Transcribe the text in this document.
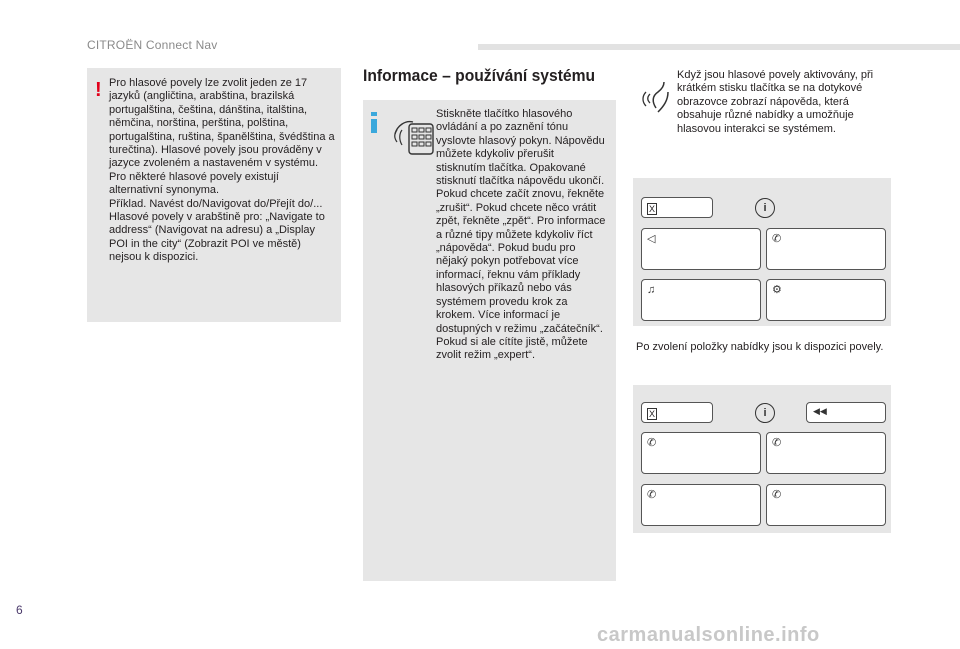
CITROËN Connect Nav
! Pro hlasové povely lze zvolit jeden ze 17 jazyků (angličtina, arabština, brazilská portugalština, čeština, dánština, italština, němčina, norština, perština, polština, portugalština, ruština, španělština, švédština a turečtina). Hlasové povely jsou prováděny v jazyce zvoleném a nastaveném v systému.

Pro některé hlasové povely existují alternativní synonyma.

Příklad. Navést do/Navigovat do/Přejít do/...

Hlasové povely v arabštině pro: „Navigate to address“ (Navigovat na adresu) a „Display POI in the city“ (Zobrazit POI ve městě) nejsou k dispozici.

Informace – používání systému
Stiskněte tlačítko hlasového ovládání a po zaznění tónu vyslovte hlasový pokyn. Nápovědu můžete kdykoliv přerušit stisknutím tlačítka. Opakované stisknutí tlačítka nápovědu ukončí. Pokud chcete začít znovu, řekněte „zrušit“. Pokud chcete něco vrátit zpět, řekněte „zpět“. Pro informace a různé tipy můžete kdykoliv říct „nápověda“. Pokud budu pro nějaký pokyn potřebovat více informací, řeknu vám příklady hlasových příkazů nebo vás systémem provedu krok za krokem. Více informací je dostupných v režimu „začátečník“. Pokud si ale cítíte jistě, můžete zvolit režim „expert“.
Když jsou hlasové povely aktivovány, při krátkém stisku tlačítka se na dotykové obrazovce zobrazí nápověda, která obsahuje různé nabídky a umožňuje hlasovou interakci se systémem.
X	i
◁	✆
♫	⚙
Po zvolení položky nabídky jsou k dispozici povely.
X	i	◀◀
✆	✆
✆	✆
6
carmanualsonline.info
